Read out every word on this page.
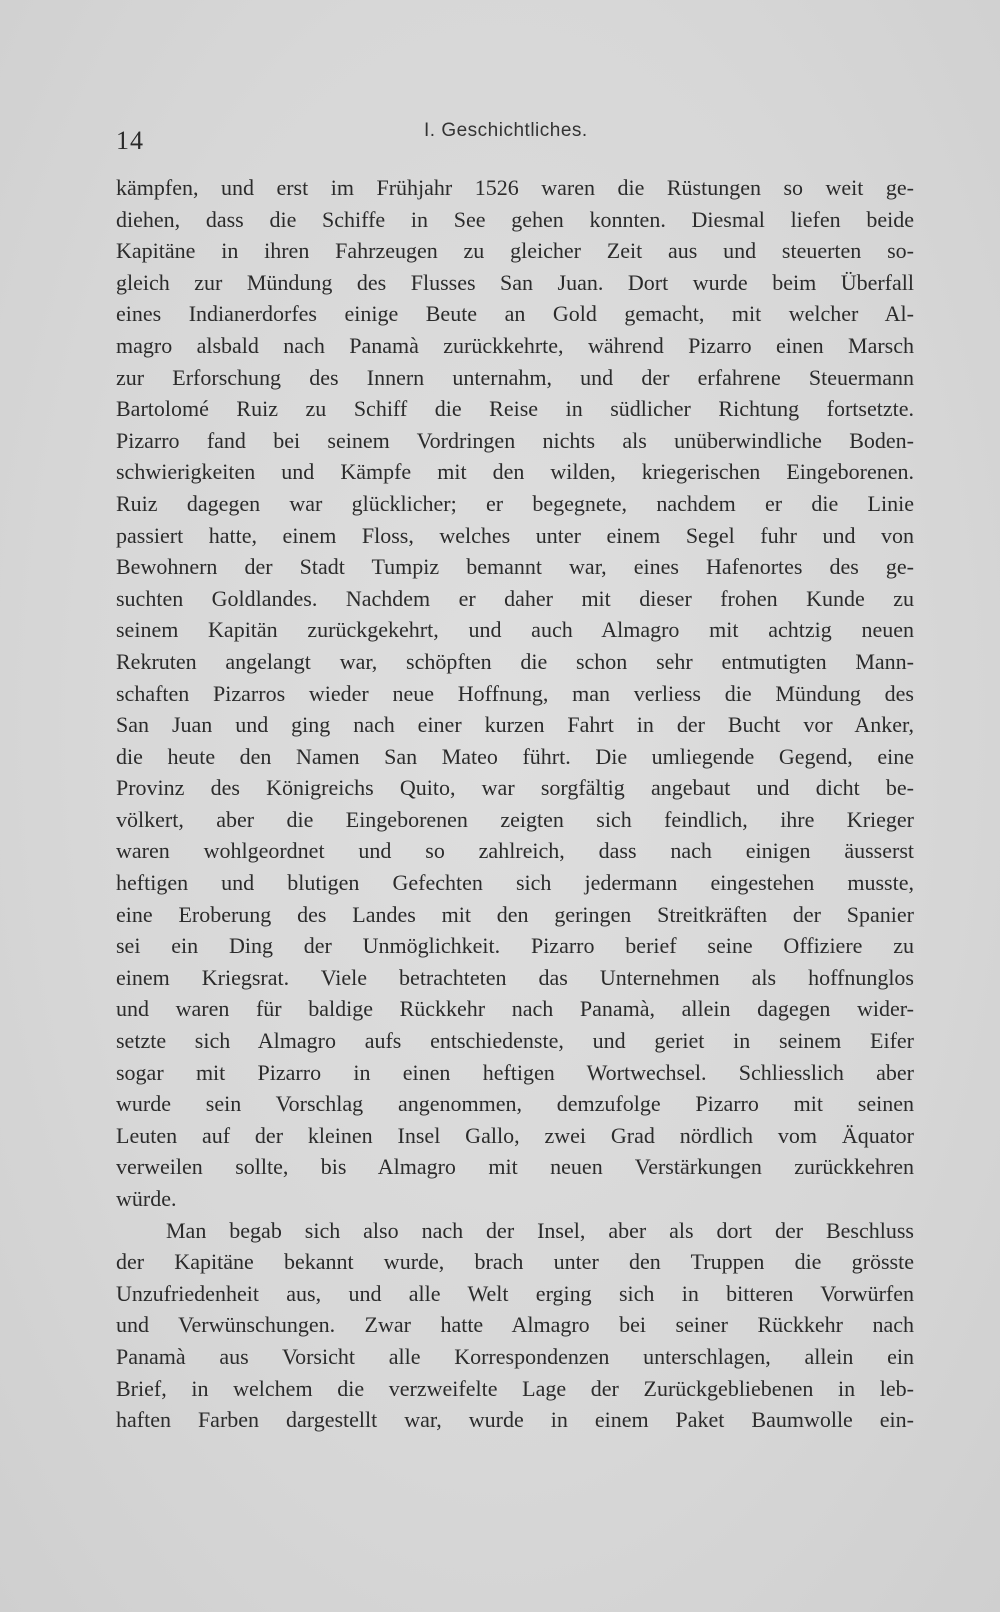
14	I. Geschichtliches.
kämpfen, und erst im Frühjahr 1526 waren die Rüstungen so weit ge-
diehen, dass die Schiffe in See gehen konnten. Diesmal liefen beide
Kapitäne in ihren Fahrzeugen zu gleicher Zeit aus und steuerten so-
gleich zur Mündung des Flusses San Juan. Dort wurde beim Überfall
eines Indianerdorfes einige Beute an Gold gemacht, mit welcher Al-
magro alsbald nach Panamà zurückkehrte, während Pizarro einen Marsch
zur Erforschung des Innern unternahm, und der erfahrene Steuermann
Bartolomé Ruiz zu Schiff die Reise in südlicher Richtung fortsetzte.
Pizarro fand bei seinem Vordringen nichts als unüberwindliche Boden-
schwierigkeiten und Kämpfe mit den wilden, kriegerischen Eingeborenen.
Ruiz dagegen war glücklicher; er begegnete, nachdem er die Linie
passiert hatte, einem Floss, welches unter einem Segel fuhr und von
Bewohnern der Stadt Tumpiz bemannt war, eines Hafenortes des ge-
suchten Goldlandes. Nachdem er daher mit dieser frohen Kunde zu
seinem Kapitän zurückgekehrt, und auch Almagro mit achtzig neuen
Rekruten angelangt war, schöpften die schon sehr entmutigten Mann-
schaften Pizarros wieder neue Hoffnung, man verliess die Mündung des
San Juan und ging nach einer kurzen Fahrt in der Bucht vor Anker,
die heute den Namen San Mateo führt. Die umliegende Gegend, eine
Provinz des Königreichs Quito, war sorgfältig angebaut und dicht be-
völkert, aber die Eingeborenen zeigten sich feindlich, ihre Krieger
waren wohlgeordnet und so zahlreich, dass nach einigen äusserst
heftigen und blutigen Gefechten sich jedermann eingestehen musste,
eine Eroberung des Landes mit den geringen Streitkräften der Spanier
sei ein Ding der Unmöglichkeit. Pizarro berief seine Offiziere zu
einem Kriegsrat. Viele betrachteten das Unternehmen als hoffnunglos
und waren für baldige Rückkehr nach Panamà, allein dagegen wider-
setzte sich Almagro aufs entschiedenste, und geriet in seinem Eifer
sogar mit Pizarro in einen heftigen Wortwechsel. Schliesslich aber
wurde sein Vorschlag angenommen, demzufolge Pizarro mit seinen
Leuten auf der kleinen Insel Gallo, zwei Grad nördlich vom Äquator
verweilen sollte, bis Almagro mit neuen Verstärkungen zurückkehren
würde.
Man begab sich also nach der Insel, aber als dort der Beschluss
der Kapitäne bekannt wurde, brach unter den Truppen die grösste
Unzufriedenheit aus, und alle Welt erging sich in bitteren Vorwürfen
und Verwünschungen. Zwar hatte Almagro bei seiner Rückkehr nach
Panamà aus Vorsicht alle Korrespondenzen unterschlagen, allein ein
Brief, in welchem die verzweifelte Lage der Zurückgebliebenen in leb-
haften Farben dargestellt war, wurde in einem Paket Baumwolle ein-
